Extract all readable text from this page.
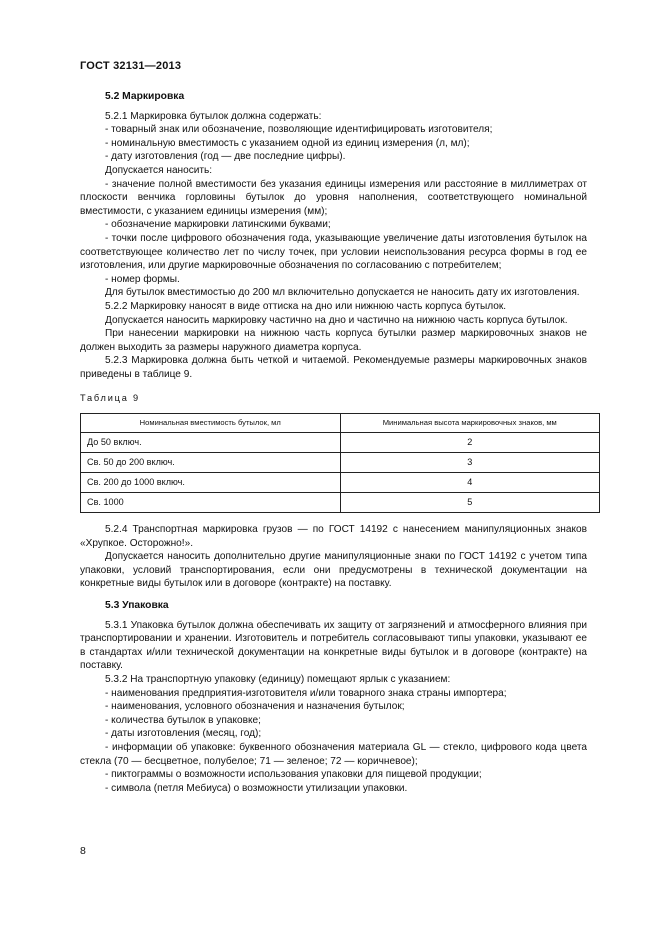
ГОСТ 32131—2013

5.2 Маркировка

5.2.1 Маркировка бутылок должна содержать:

- товарный знак или обозначение, позволяющие идентифицировать изготовителя;

- номинальную вместимость с указанием одной из единиц измерения (л, мл);

- дату изготовления (год — две последние цифры).

Допускается наносить:

- значение полной вместимости без указания единицы измерения или расстояние в миллиметрах от плоскости венчика горловины бутылок до уровня наполнения, соответствующего номинальной вместимости, с указанием единицы измерения (мм);

- обозначение маркировки латинскими буквами;

- точки после цифрового обозначения года, указывающие увеличение даты изготовления бутылок на соответствующее количество лет по числу точек, при условии неиспользования ресурса формы в год ее изготовления, или другие маркировочные обозначения по согласованию с потребителем;

- номер формы.

Для бутылок вместимостью до 200 мл включительно допускается не наносить дату их изготовления.

5.2.2 Маркировку наносят в виде оттиска на дно или нижнюю часть корпуса бутылок.

Допускается наносить маркировку частично на дно и частично на нижнюю часть корпуса бутылок.

При нанесении маркировки на нижнюю часть корпуса бутылки размер маркировочных знаков не должен выходить за размеры наружного диаметра корпуса.

5.2.3 Маркировка должна быть четкой и читаемой. Рекомендуемые размеры маркировочных знаков приведены в таблице 9.

Таблица 9

Номинальная вместимость бутылок, мл	Минимальная высота маркировочных знаков, мм
До 50 включ.	2
Св. 50 до 200 включ.	3
Св. 200 до 1000 включ.	4
Св. 1000	5

5.2.4 Транспортная маркировка грузов — по ГОСТ 14192 с нанесением манипуляционных знаков «Хрупкое. Осторожно!».

Допускается наносить дополнительно другие манипуляционные знаки по ГОСТ 14192 с учетом типа упаковки, условий транспортирования, если они предусмотрены в технической документации на конкретные виды бутылок или в договоре (контракте) на поставку.

5.3 Упаковка

5.3.1 Упаковка бутылок должна обеспечивать их защиту от загрязнений и атмосферного влияния при транспортировании и хранении. Изготовитель и потребитель согласовывают типы упаковки, указывают ее в стандартах и/или технической документации на конкретные виды бутылок и в договоре (контракте) на поставку.

5.3.2 На транспортную упаковку (единицу) помещают ярлык с указанием:

- наименования предприятия-изготовителя и/или товарного знака страны импортера;

- наименования, условного обозначения и назначения бутылок;

- количества бутылок в упаковке;

- даты изготовления (месяц, год);

- информации об упаковке: буквенного обозначения материала GL — стекло, цифрового кода цвета стекла (70 — бесцветное, полубелое; 71 — зеленое; 72 — коричневое);

- пиктограммы о возможности использования упаковки для пищевой продукции;

- символа (петля Мебиуса) о возможности утилизации упаковки.

8
